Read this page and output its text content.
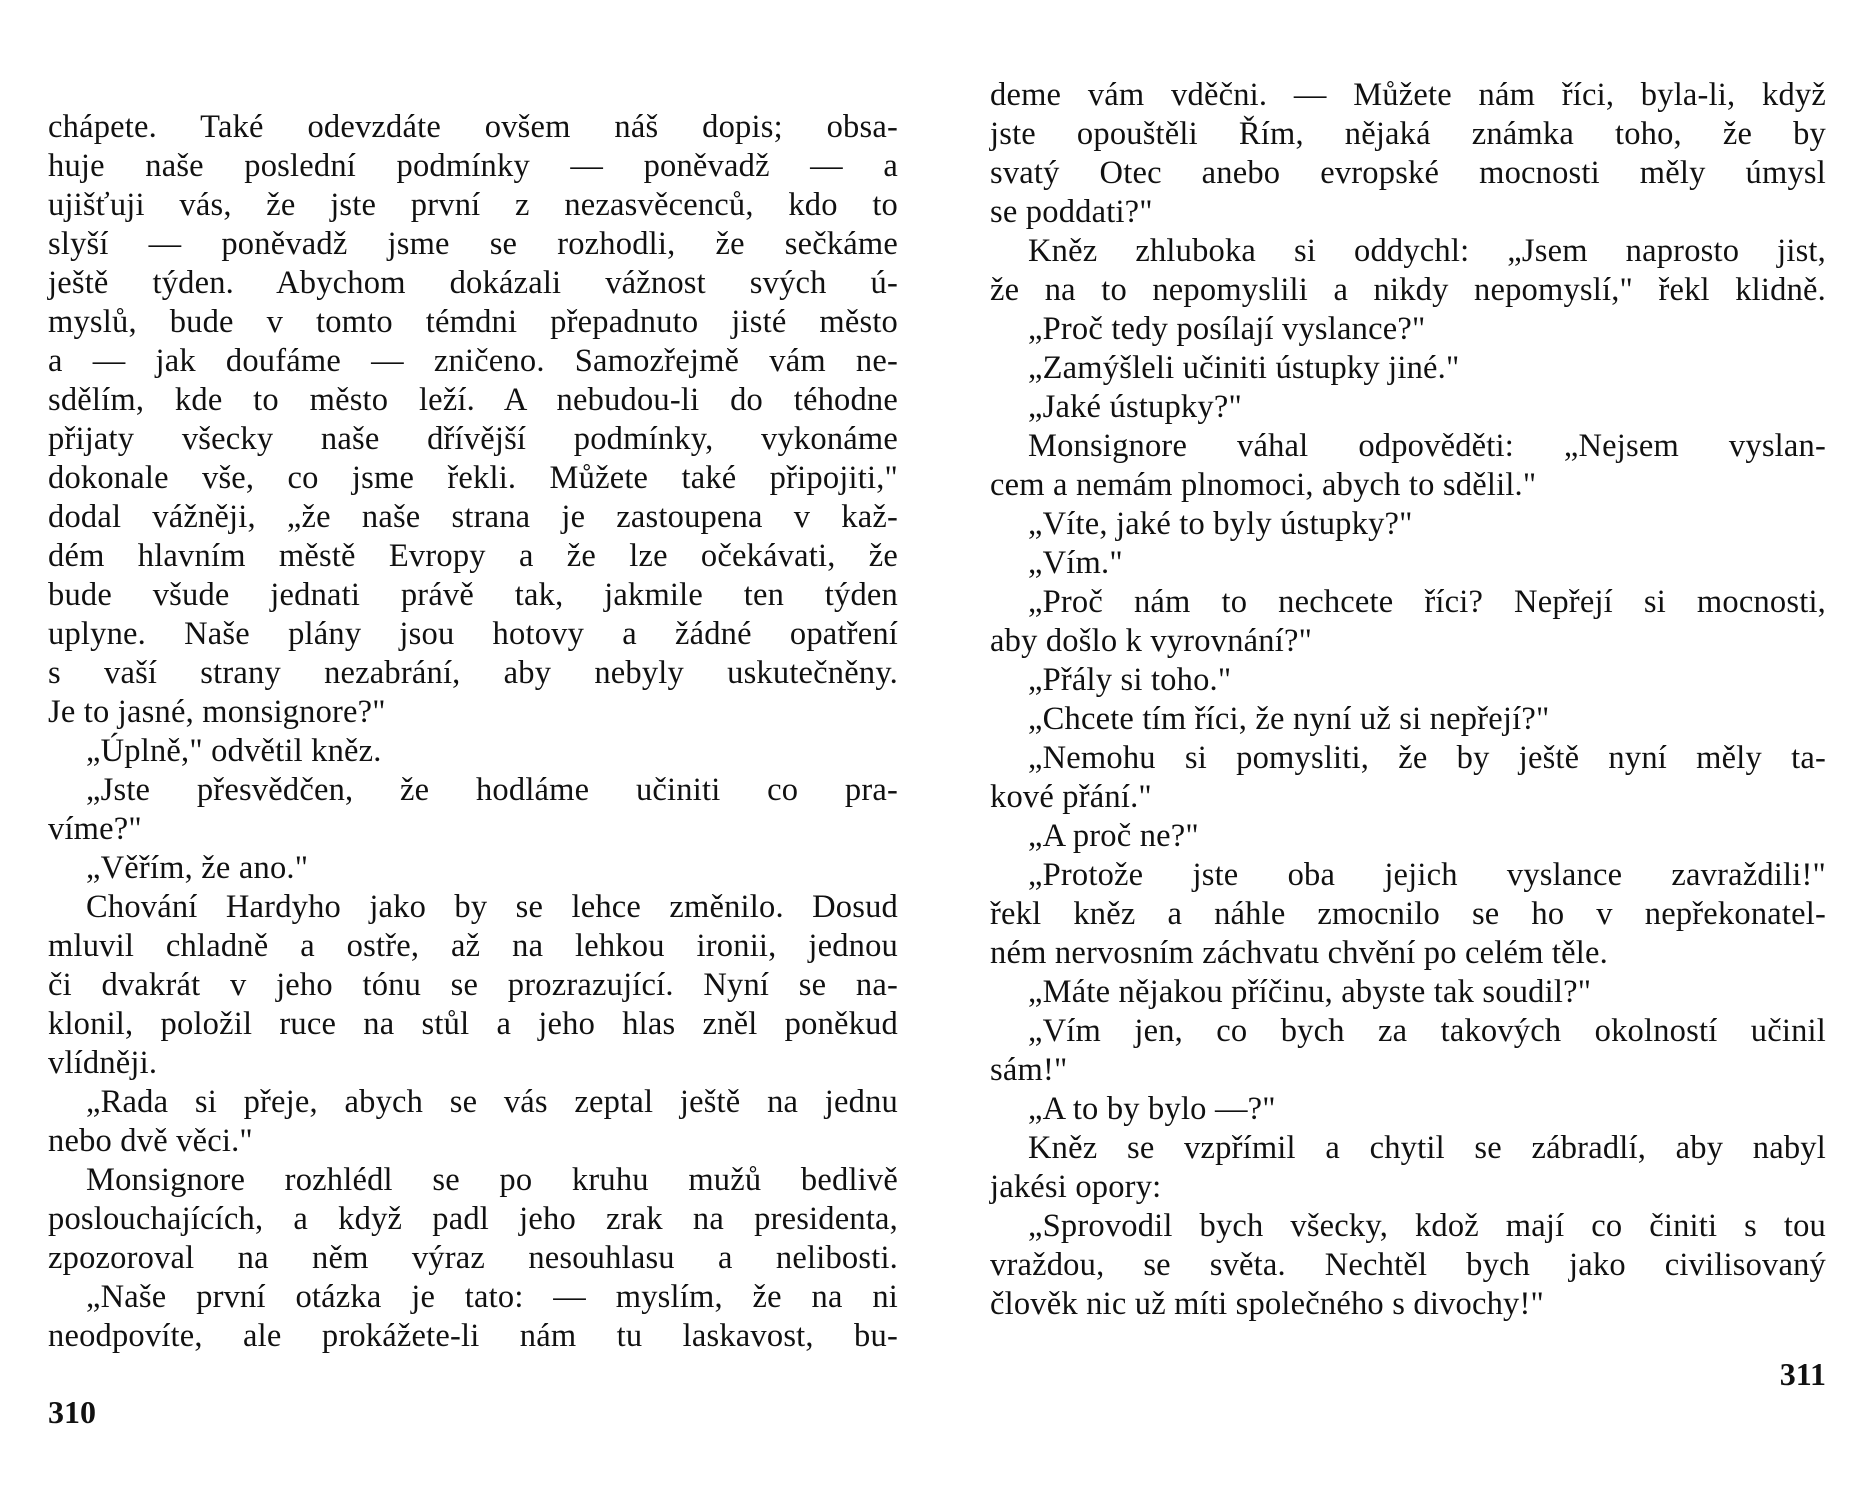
chápete. Také odevzdáte ovšem náš dopis; obsa-
huje naše poslední podmínky — poněvadž — a
ujišťuji vás, že jste první z nezasvěcenců, kdo to
slyší — poněvadž jsme se rozhodli, že sečkáme
ještě týden. Abychom dokázali vážnost svých ú-
myslů, bude v tomto témdni přepadnuto jisté město
a — jak doufáme — zničeno. Samozřejmě vám ne-
sdělím, kde to město leží. A nebudou-li do téhodne
přijaty všecky naše dřívější podmínky, vykonáme
dokonale vše, co jsme řekli. Můžete také připojiti,"
dodal vážněji, „že naše strana je zastoupena v kaž-
dém hlavním městě Evropy a že lze očekávati, že
bude všude jednati právě tak, jakmile ten týden
uplyne. Naše plány jsou hotovy a žádné opatření
s vaší strany nezabrání, aby nebyly uskutečněny.
Je to jasné, monsignore?"
„Úplně," odvětil kněz.
„Jste přesvědčen, že hodláme učiniti co pra-
víme?"
„Věřím, že ano."
Chování Hardyho jako by se lehce změnilo. Dosud
mluvil chladně a ostře, až na lehkou ironii, jednou
či dvakrát v jeho tónu se prozrazující. Nyní se na-
klonil, položil ruce na stůl a jeho hlas zněl poněkud
vlídněji.
„Rada si přeje, abych se vás zeptal ještě na jednu
nebo dvě věci."
Monsignore rozhlédl se po kruhu mužů bedlivě
poslouchajících, a když padl jeho zrak na presidenta,
zpozoroval na něm výraz nesouhlasu a nelibosti.
„Naše první otázka je tato: — myslím, že na ni
neodpovíte, ale prokážete-li nám tu laskavost, bu-
310
deme vám vděčni. — Můžete nám říci, byla-li, když
jste opouštěli Řím, nějaká známka toho, že by
svatý Otec anebo evropské mocnosti měly úmysl
se poddati?"
Kněz zhluboka si oddychl: „Jsem naprosto jist,
že na to nepomyslili a nikdy nepomyslí," řekl klidně.
„Proč tedy posílají vyslance?"
„Zamýšleli učiniti ústupky jiné."
„Jaké ústupky?"
Monsignore váhal odpověděti: „Nejsem vyslan-
cem a nemám plnomoci, abych to sdělil."
„Víte, jaké to byly ústupky?"
„Vím."
„Proč nám to nechcete říci? Nepřejí si mocnosti,
aby došlo k vyrovnání?"
„Přály si toho."
„Chcete tím říci, že nyní už si nepřejí?"
„Nemohu si pomysliti, že by ještě nyní měly ta-
kové přání."
„A proč ne?"
„Protože jste oba jejich vyslance zavraždili!"
řekl kněz a náhle zmocnilo se ho v nepřekonatel-
ném nervosním záchvatu chvění po celém těle.
„Máte nějakou příčinu, abyste tak soudil?"
„Vím jen, co bych za takových okolností učinil
sám!"
„A to by bylo —?"
Kněz se vzpřímil a chytil se zábradlí, aby nabyl
jakési opory:
„Sprovodil bych všecky, kdož mají co činiti s tou
vraždou, se světa. Nechtěl bych jako civilisovaný
člověk nic už míti společného s divochy!"
311
